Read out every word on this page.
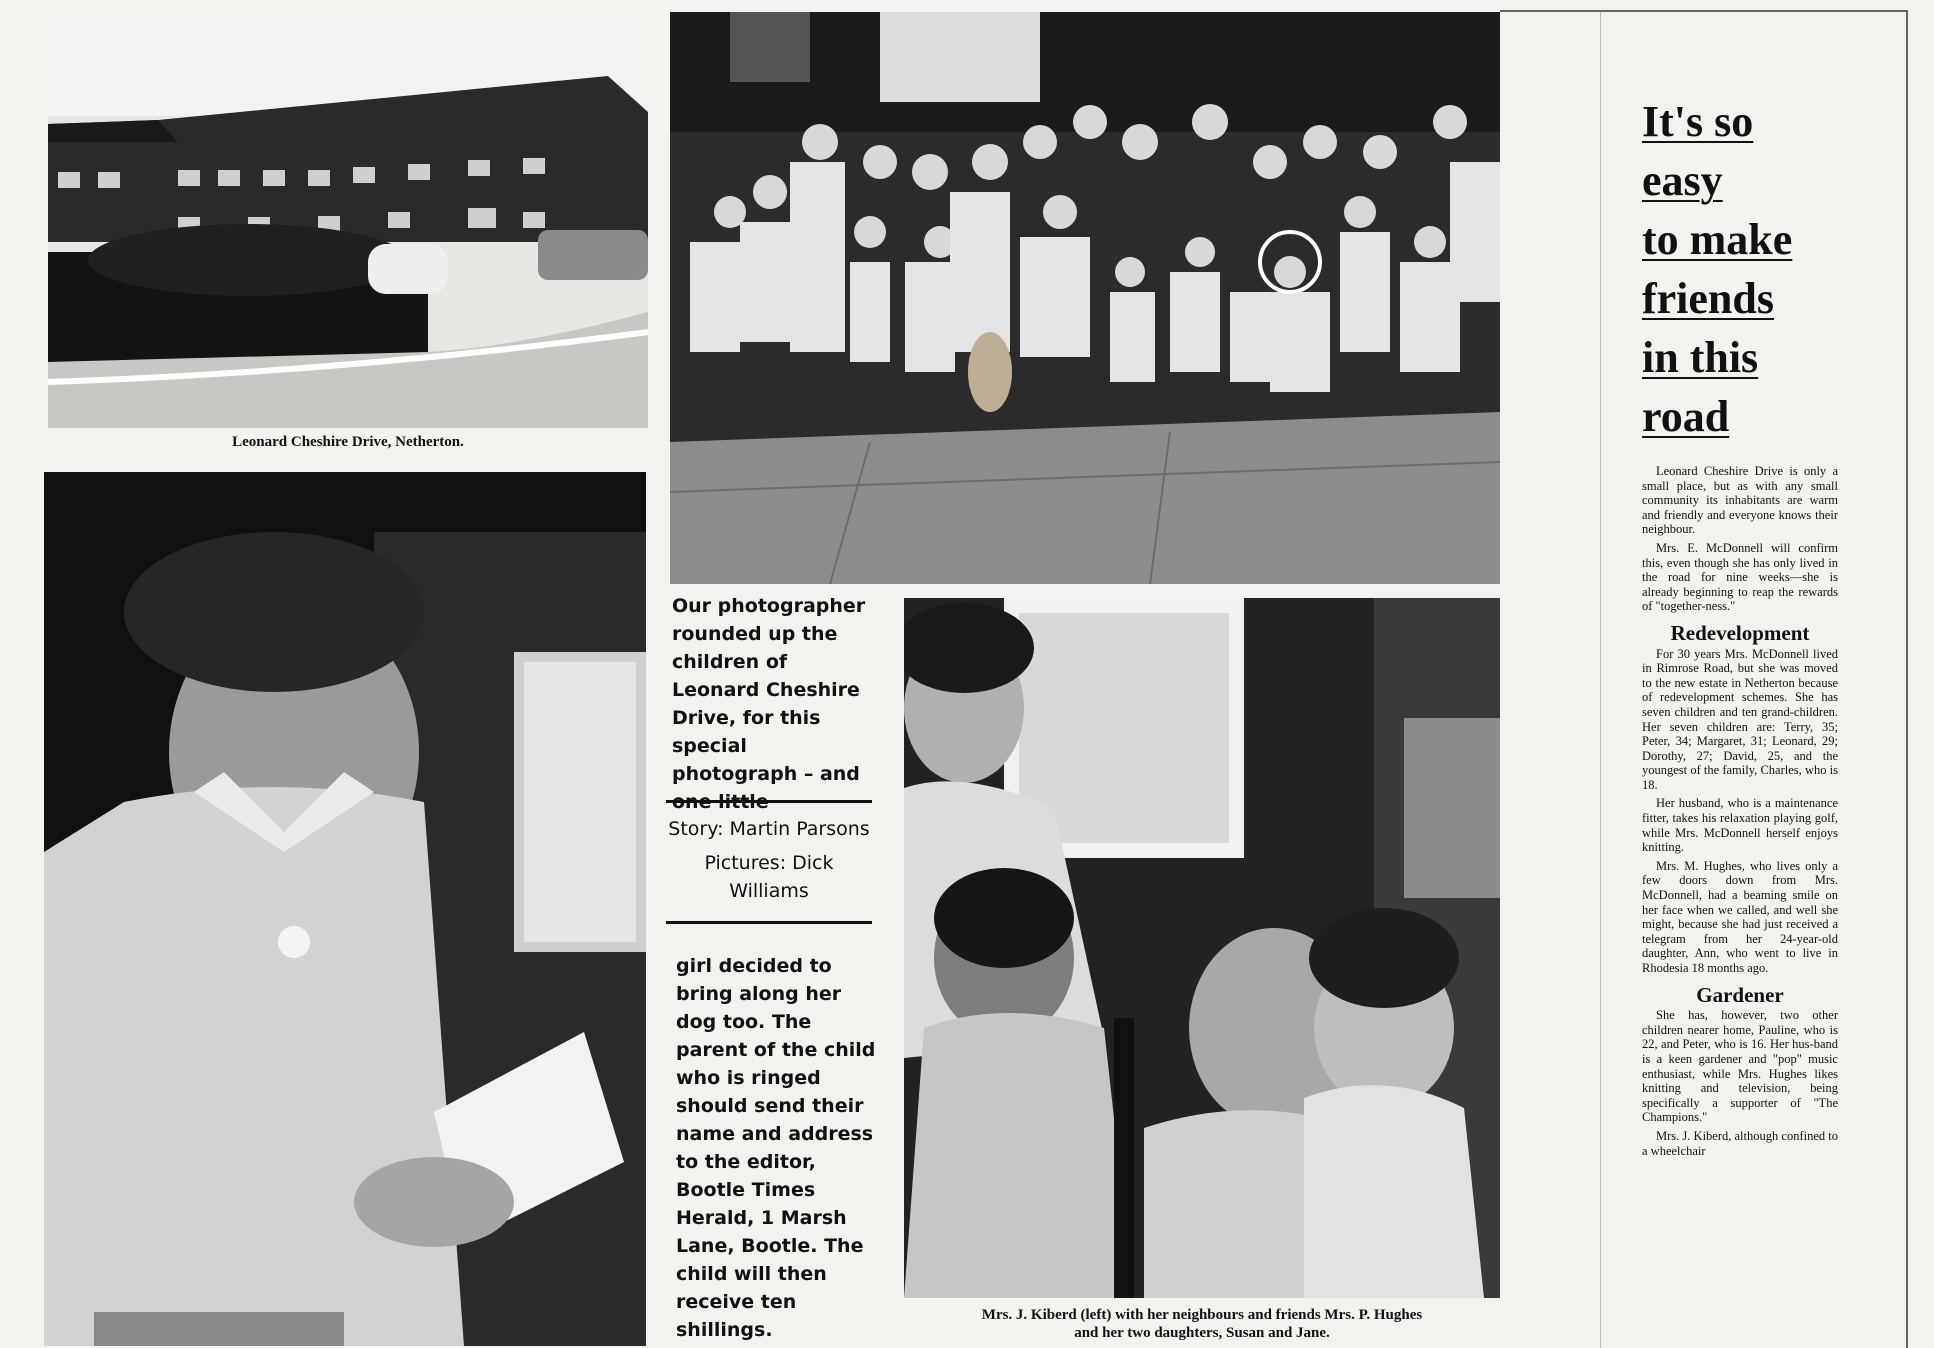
Leonard Cheshire Drive, Netherton.
Mrs. J. Kiberd (left) with her neighbours and friends Mrs. P. Hughes
and her two daughters, Susan and Jane.
Our photographer rounded up the children of Leonard Cheshire Drive, for this special photograph – and one little
Story: Martin Parsons
Pictures: Dick Williams
girl decided to bring along her dog too. The parent of the child who is ringed should send their name and address to the editor, Bootle Times Herald, 1 Marsh Lane, Bootle. The child will then receive ten shillings.
It's so
easy
to make
friends
in this
road

Leonard Cheshire Drive is only a small place, but as with any small community its inhabitants are warm and friendly and everyone knows their neighbour.

Mrs. E. McDonnell will confirm this, even though she has only lived in the road for nine weeks—she is already beginning to reap the rewards of "together-ness."

Redevelopment

For 30 years Mrs. McDonnell lived in Rimrose Road, but she was moved to the new estate in Netherton because of redevelopment schemes. She has seven children and ten grand-children. Her seven children are: Terry, 35; Peter, 34; Margaret, 31; Leonard, 29; Dorothy, 27; David, 25, and the youngest of the family, Charles, who is 18.

Her husband, who is a maintenance fitter, takes his relaxation playing golf, while Mrs. McDonnell herself enjoys knitting.

Mrs. M. Hughes, who lives only a few doors down from Mrs. McDonnell, had a beaming smile on her face when we called, and well she might, because she had just received a telegram from her 24-year-old daughter, Ann, who went to live in Rhodesia 18 months ago.

Gardener

She has, however, two other children nearer home, Pauline, who is 22, and Peter, who is 16. Her hus-band is a keen gardener and "pop" music enthusiast, while Mrs. Hughes likes knitting and television, being specifically a supporter of "The Champions."

Mrs. J. Kiberd, although confined to a wheelchair
